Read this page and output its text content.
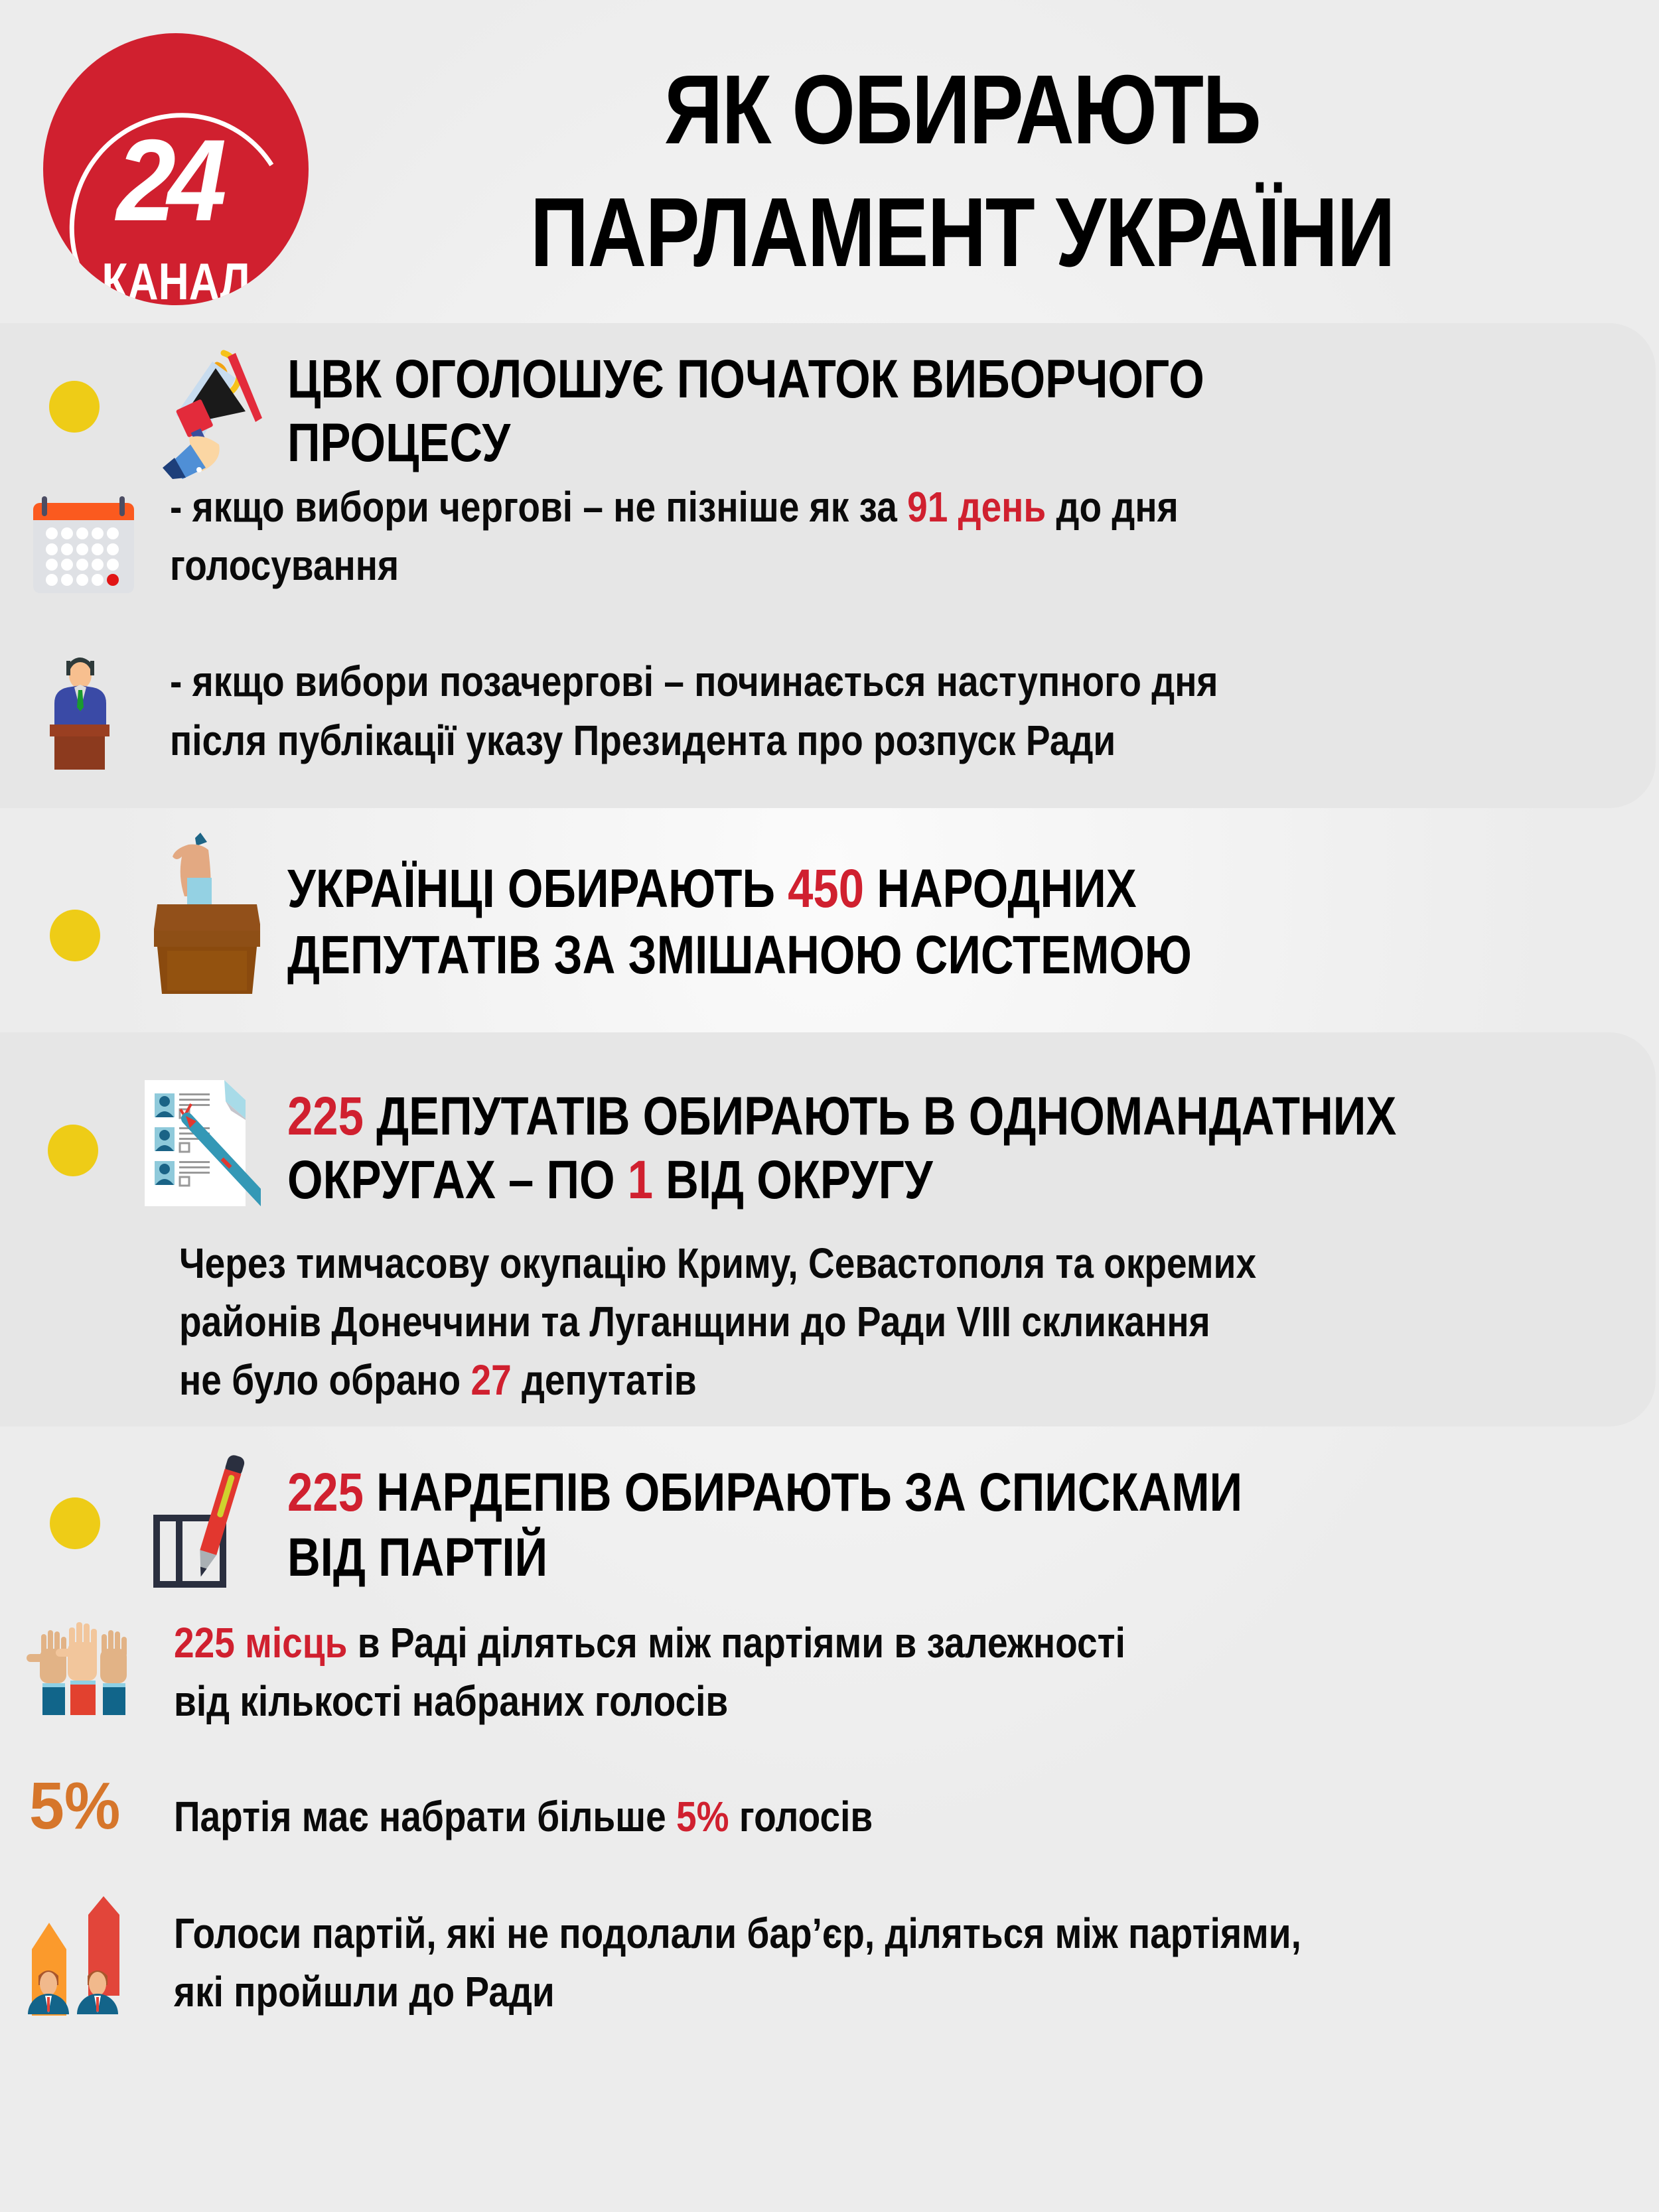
24
КАНАЛ
ЯК ОБИРАЮТЬ
ПАРЛАМЕНТ УКРАЇНИ
ЦВК ОГОЛОШУЄ ПОЧАТОК ВИБОРЧОГО
ПРОЦЕСУ
- якщо вибори чергові – не пізніше як за 91 день до дня
голосування
- якщо вибори позачергові – починається наступного дня
після публікації указу Президента про розпуск Ради
УКРАЇНЦІ ОБИРАЮТЬ 450 НАРОДНИХ
ДЕПУТАТІВ ЗА ЗМІШАНОЮ СИСТЕМОЮ
225 ДЕПУТАТІВ ОБИРАЮТЬ В ОДНОМАНДАТНИХ
ОКРУГАХ – ПО 1 ВІД ОКРУГУ
Через тимчасову окупацію Криму, Севастополя та окремих
районів Донеччини та Луганщини до Ради VIII скликання
не було обрано 27 депутатів
225 НАРДЕПІВ ОБИРАЮТЬ ЗА СПИСКАМИ
ВІД ПАРТІЙ
225 місць в Раді діляться між партіями в залежності
від кількості набраних голосів
5% Партія має набрати більше 5% голосів
Голоси партій, які не подолали бар’єр, діляться між партіями,
які пройшли до Ради
